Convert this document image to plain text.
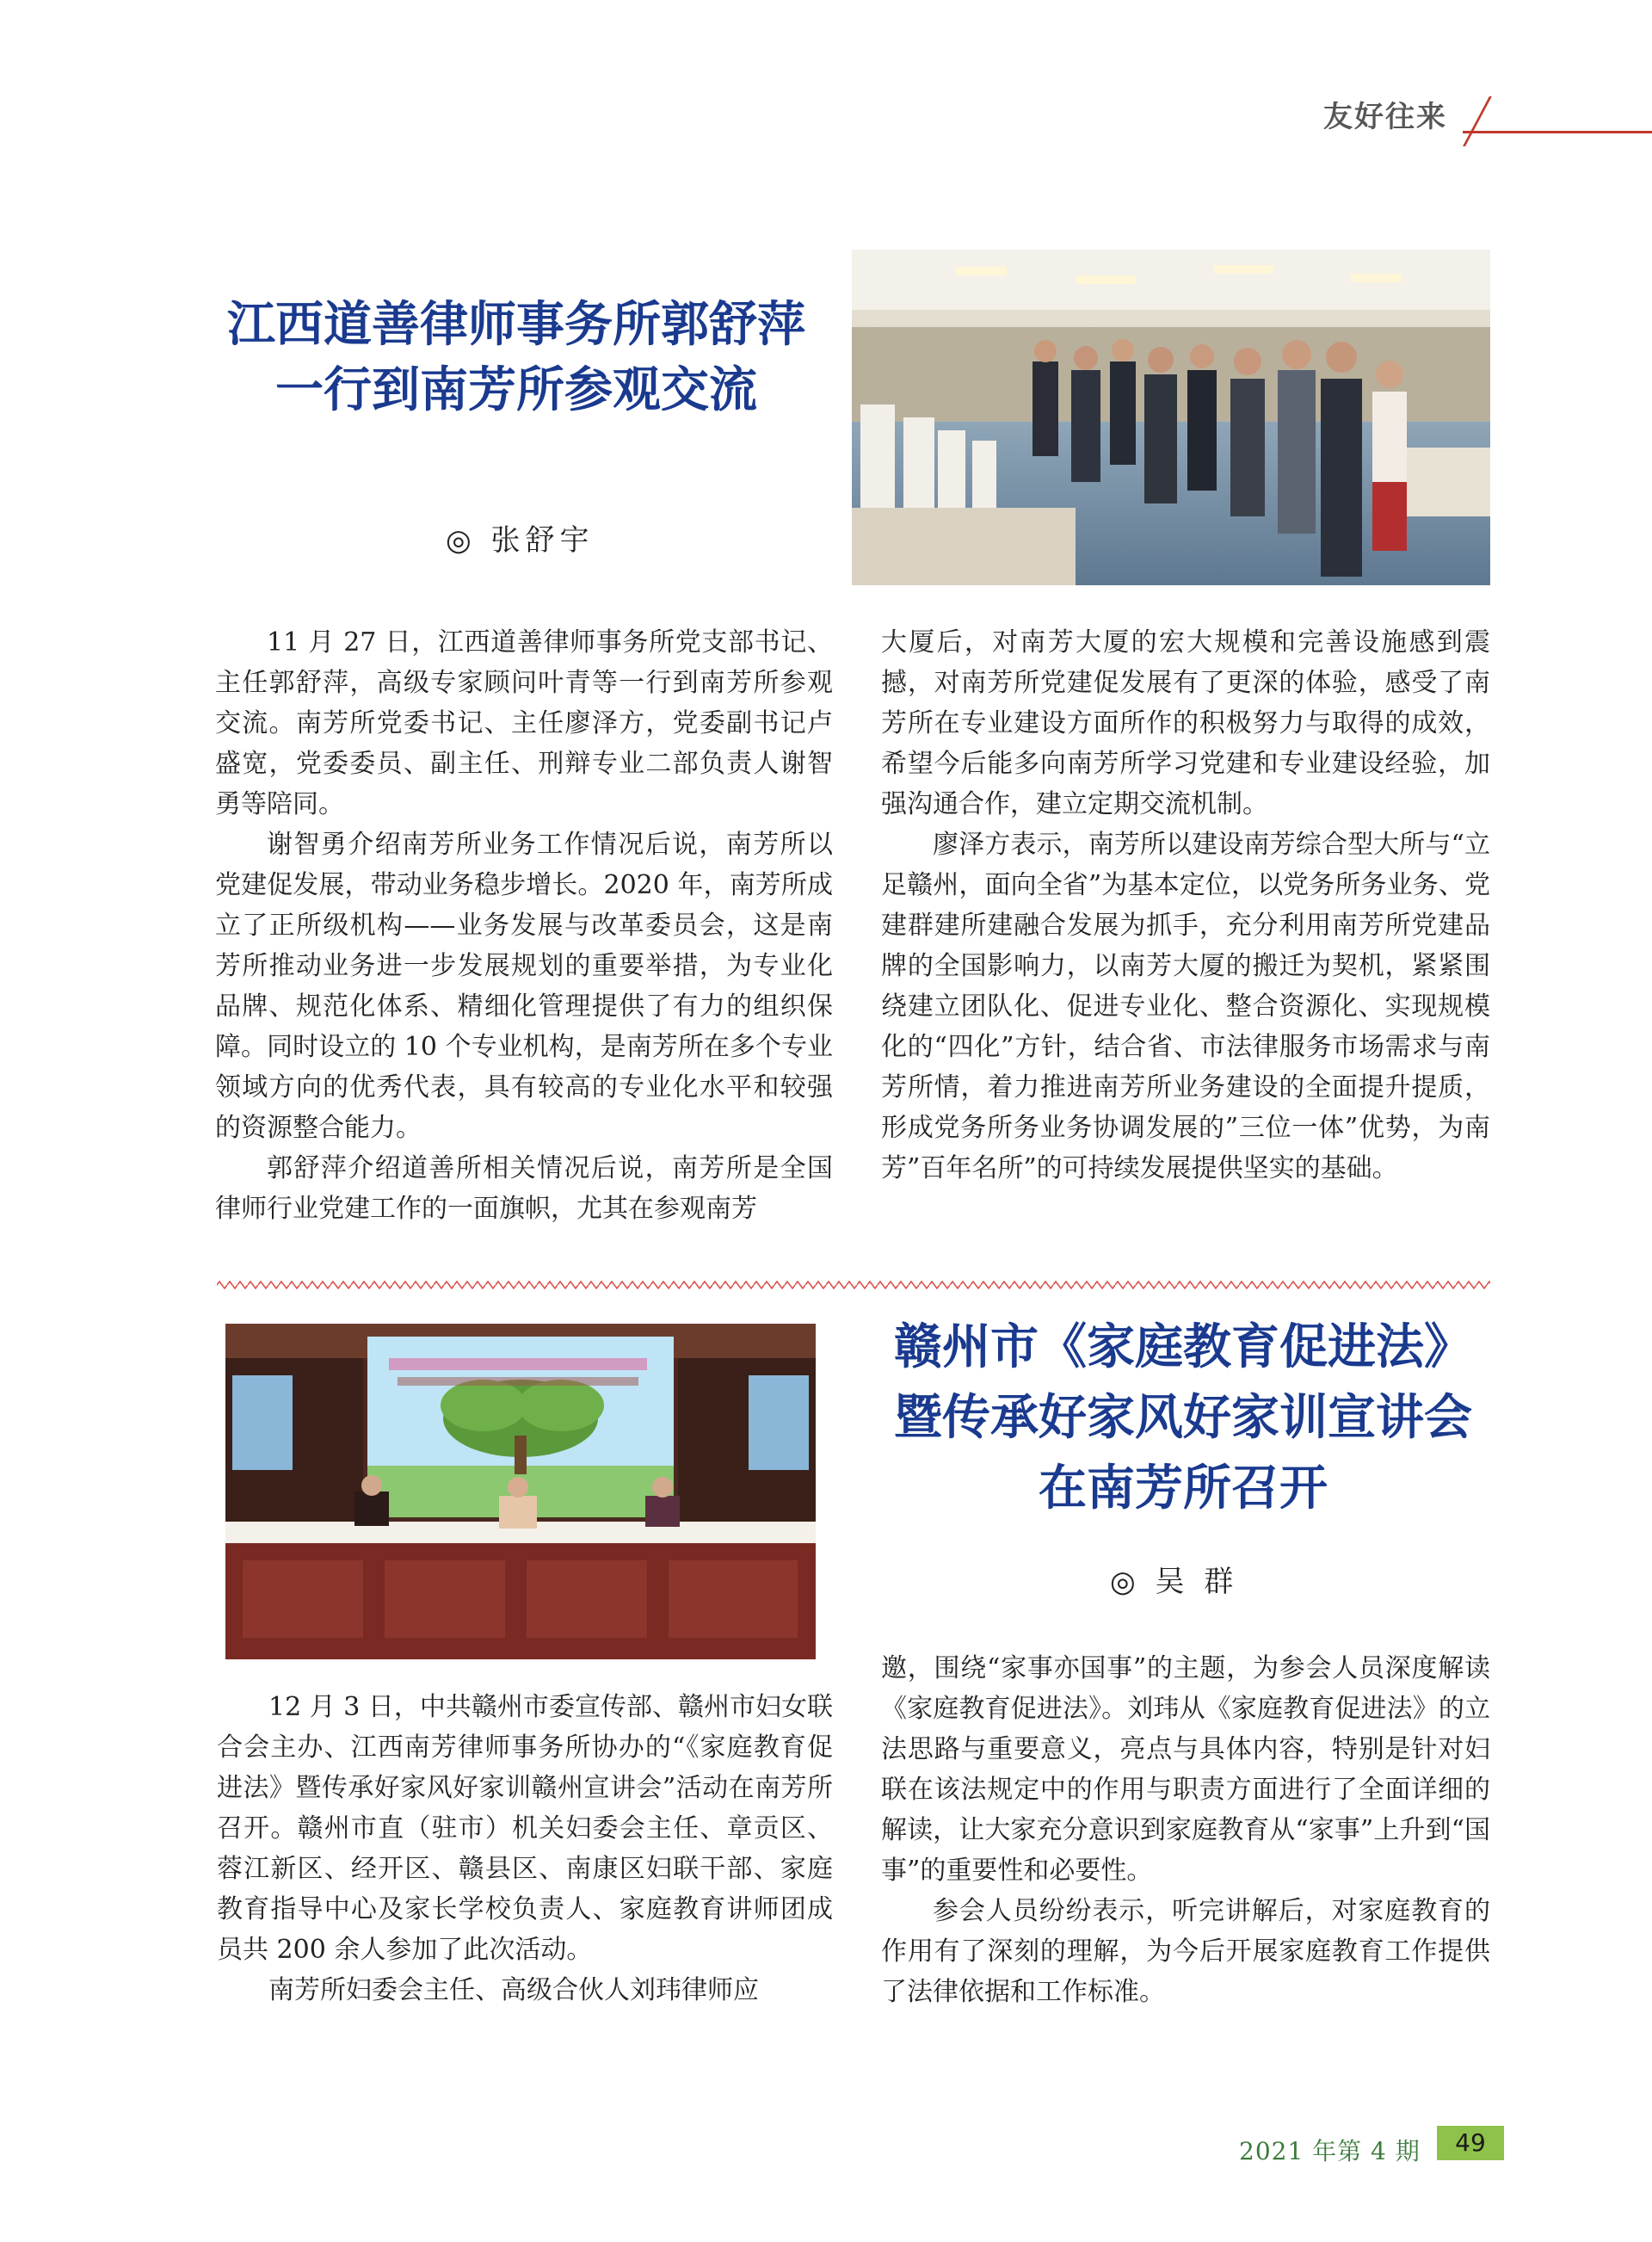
友好往来
江西道善律师事务所郭舒萍
一行到南芳所参观交流
◎ 张舒宇

11 月 27 日，江西道善律师事务所党支部书记、主任郭舒萍，高级专家顾问叶青等一行到南芳所参观交流。南芳所党委书记、主任廖泽方，党委副书记卢盛宽，党委委员、副主任、刑辩专业二部负责人谢智勇等陪同。

谢智勇介绍南芳所业务工作情况后说，南芳所以党建促发展，带动业务稳步增长。2020 年，南芳所成立了正所级机构——业务发展与改革委员会，这是南芳所推动业务进一步发展规划的重要举措，为专业化品牌、规范化体系、精细化管理提供了有力的组织保障。同时设立的 10 个专业机构，是南芳所在多个专业领域方向的优秀代表，具有较高的专业化水平和较强的资源整合能力。

郭舒萍介绍道善所相关情况后说，南芳所是全国律师行业党建工作的一面旗帜，尤其在参观南芳

大厦后，对南芳大厦的宏大规模和完善设施感到震撼，对南芳所党建促发展有了更深的体验，感受了南芳所在专业建设方面所作的积极努力与取得的成效，希望今后能多向南芳所学习党建和专业建设经验，加强沟通合作，建立定期交流机制。

廖泽方表示，南芳所以建设南芳综合型大所与“立足赣州，面向全省”为基本定位，以党务所务业务、党建群建所建融合发展为抓手，充分利用南芳所党建品牌的全国影响力，以南芳大厦的搬迁为契机，紧紧围绕建立团队化、促进专业化、整合资源化、实现规模化的“四化”方针，结合省、市法律服务市场需求与南芳所情，着力推进南芳所业务建设的全面提升提质，形成党务所务业务协调发展的”三位一体”优势，为南芳”百年名所”的可持续发展提供坚实的基础。

赣州市《家庭教育促进法》
暨传承好家风好家训宣讲会
在南芳所召开
◎ 吴 群

12 月 3 日，中共赣州市委宣传部、赣州市妇女联合会主办、江西南芳律师事务所协办的“《家庭教育促进法》暨传承好家风好家训赣州宣讲会”活动在南芳所召开。赣州市直（驻市）机关妇委会主任、章贡区、蓉江新区、经开区、赣县区、南康区妇联干部、家庭教育指导中心及家长学校负责人、家庭教育讲师团成员共 200 余人参加了此次活动。

南芳所妇委会主任、高级合伙人刘玮律师应

邀，围绕“家事亦国事”的主题，为参会人员深度解读《家庭教育促进法》。刘玮从《家庭教育促进法》的立法思路与重要意义，亮点与具体内容，特别是针对妇联在该法规定中的作用与职责方面进行了全面详细的解读，让大家充分意识到家庭教育从“家事”上升到“国事”的重要性和必要性。

参会人员纷纷表示，听完讲解后，对家庭教育的作用有了深刻的理解，为今后开展家庭教育工作提供了法律依据和工作标准。

2021 年第 4 期	49
